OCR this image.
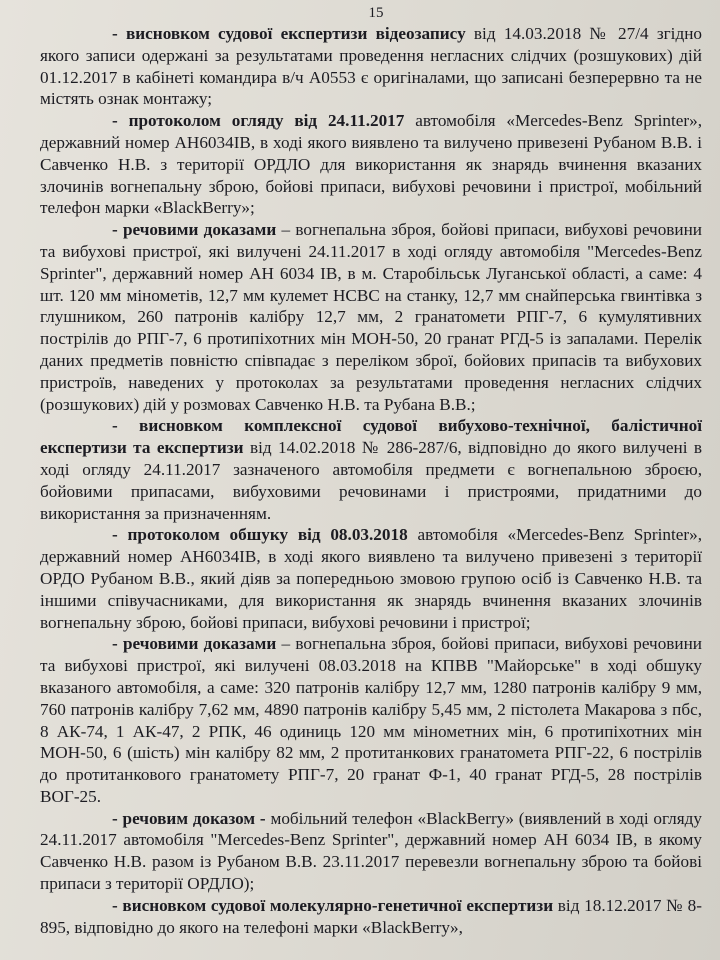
15

- висновком судової експертизи відеозапису від 14.03.2018 № 27/4 згідно якого записи одержані за результатами проведення негласних слідчих (розшукових) дій 01.12.2017 в кабінеті командира в/ч А0553 є оригіналами, що записані безперервно та не містять ознак монтажу;

- протоколом огляду від 24.11.2017 автомобіля «Mercedes-Benz Sprinter», державний номер АН6034ІВ, в ході якого виявлено та вилучено привезені Рубаном В.В. і Савченко Н.В. з території ОРДЛО для використання як знарядь вчинення вказаних злочинів вогнепальну зброю, бойові припаси, вибухові речовини і пристрої, мобільний телефон марки «BlackBerry»;

- речовими доказами – вогнепальна зброя, бойові припаси, вибухові речовини та вибухові пристрої, які вилучені 24.11.2017 в ході огляду автомобіля "Mercedes-Benz Sprinter", державний номер АН 6034 ІВ, в м. Старобільськ Луганської області, а саме: 4 шт. 120 мм мінометів, 12,7 мм кулемет НСВС на станку, 12,7 мм снайперська гвинтівка з глушником, 260 патронів калібру 12,7 мм, 2 гранатомети РПГ-7, 6 кумулятивних пострілів до РПГ-7, 6 протипіхотних мін МОН-50, 20 гранат РГД-5 із запалами. Перелік даних предметів повністю співпадає з переліком зброї, бойових припасів та вибухових пристроїв, наведених у протоколах за результатами проведення негласних слідчих (розшукових) дій у розмовах Савченко Н.В. та Рубана В.В.;

- висновком комплексної судової вибухово-технічної, балістичної експертизи та експертизи від 14.02.2018 № 286-287/6, відповідно до якого вилучені в ході огляду 24.11.2017 зазначеного автомобіля предмети є вогнепальною зброєю, бойовими припасами, вибуховими речовинами і пристроями, придатними до використання за призначенням.

- протоколом обшуку від 08.03.2018 автомобіля «Mercedes-Benz Sprinter», державний номер АН6034ІВ, в ході якого виявлено та вилучено привезені з території ОРДО Рубаном В.В., який діяв за попередньою змовою групою осіб із Савченко Н.В. та іншими співучасниками, для використання як знарядь вчинення вказаних злочинів вогнепальну зброю, бойові припаси, вибухові речовини і пристрої;

- речовими доказами – вогнепальна зброя, бойові припаси, вибухові речовини та вибухові пристрої, які вилучені 08.03.2018 на КПВВ "Майорське" в ході обшуку вказаного автомобіля, а саме: 320 патронів калібру 12,7 мм, 1280 патронів калібру 9 мм, 760 патронів калібру 7,62 мм, 4890 патронів калібру 5,45 мм, 2 пістолета Макарова з пбс, 8 АК-74, 1 АК-47, 2 РПК, 46 одиниць 120 мм мінометних мін, 6 протипіхотних мін МОН-50, 6 (шість) мін калібру 82 мм, 2 протитанкових гранатомета РПГ-22, 6 пострілів до протитанкового гранатомету РПГ-7, 20 гранат Ф-1, 40 гранат РГД-5, 28 пострілів ВОГ-25.

- речовим доказом - мобільний телефон «BlackBerry» (виявлений в ході огляду 24.11.2017 автомобіля "Mercedes-Benz Sprinter", державний номер АН 6034 ІВ, в якому Савченко Н.В. разом із Рубаном В.В. 23.11.2017 перевезли вогнепальну зброю та бойові припаси з території ОРДЛО);

- висновком судової молекулярно-генетичної експертизи від 18.12.2017 № 8-895, відповідно до якого на телефоні марки «BlackBerry»,
